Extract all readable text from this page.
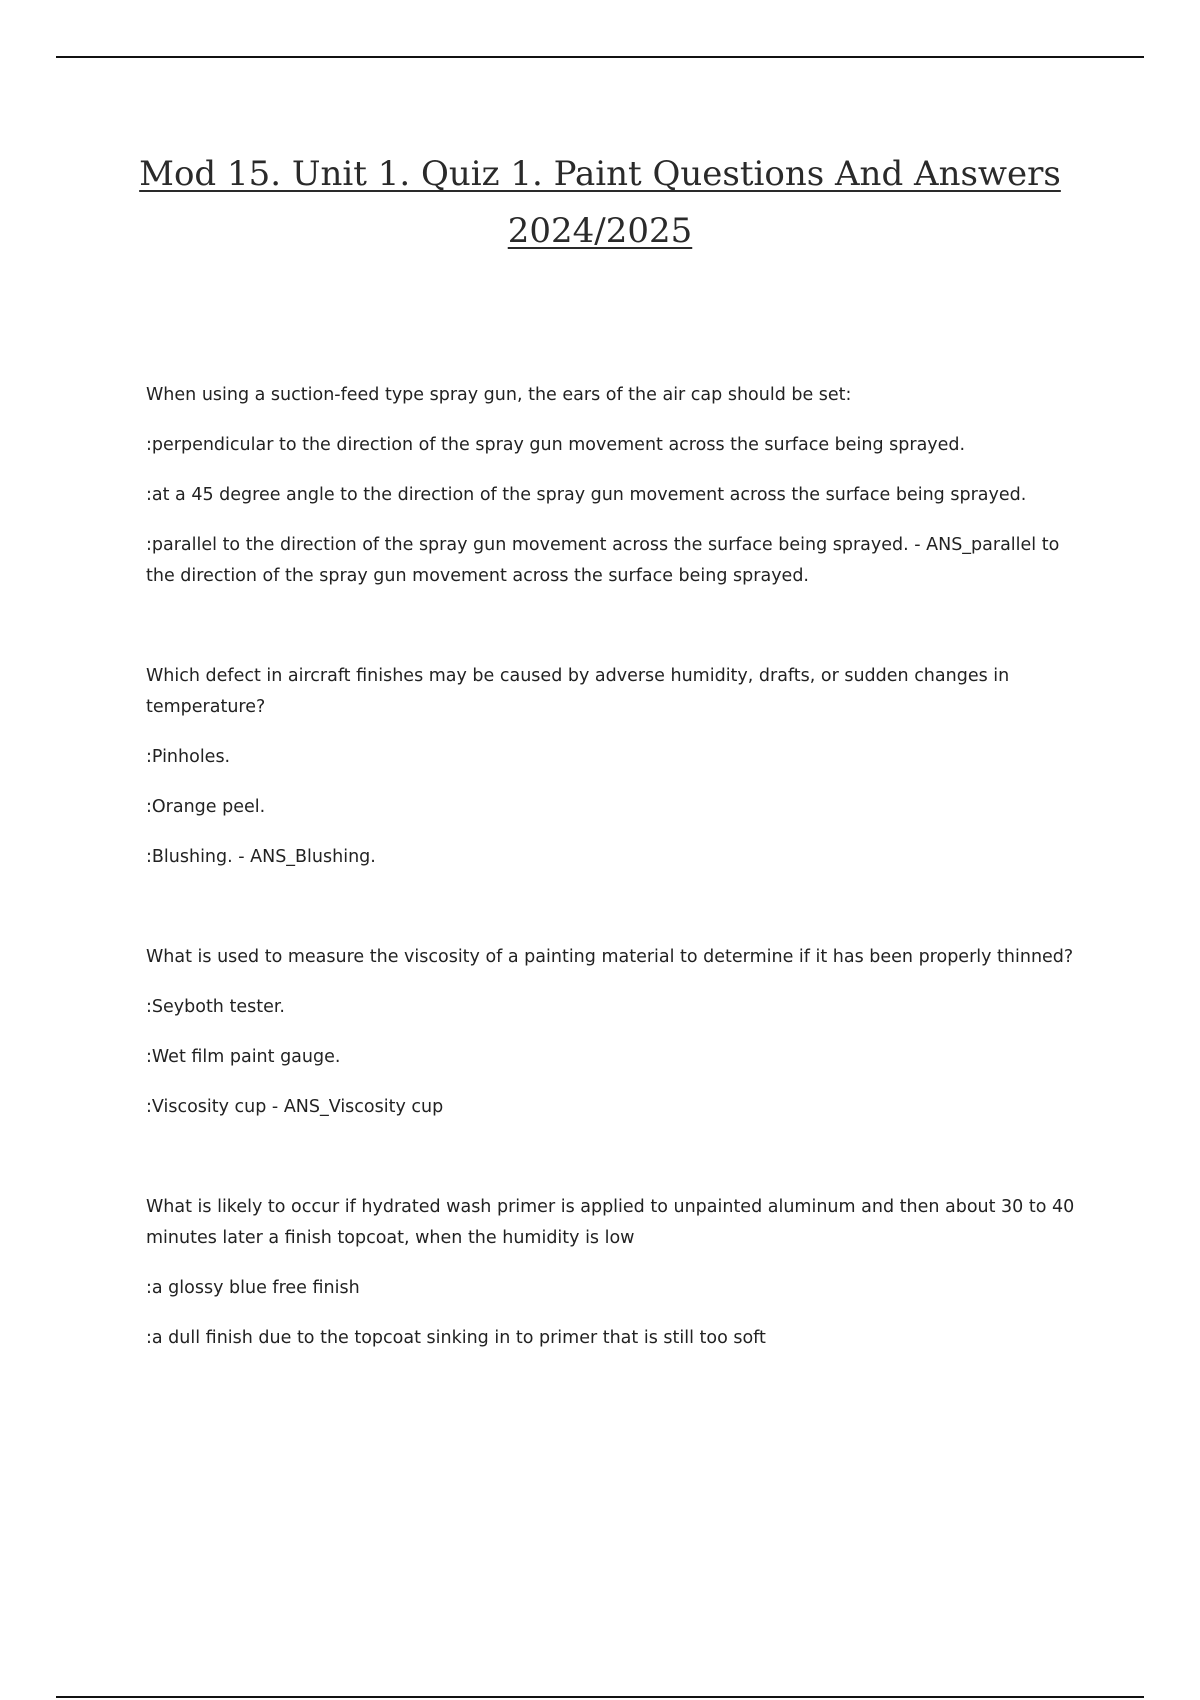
Mod 15. Unit 1. Quiz 1. Paint Questions And Answers
2024/2025

When using a suction-feed type spray gun, the ears of the air cap should be set:

:perpendicular to the direction of the spray gun movement across the surface being sprayed.

:at a 45 degree angle to the direction of the spray gun movement across the surface being sprayed.

:parallel to the direction of the spray gun movement across the surface being sprayed. - ANS_parallel to the direction of the spray gun movement across the surface being sprayed.

Which defect in aircraft finishes may be caused by adverse humidity, drafts, or sudden changes in temperature?

:Pinholes.

:Orange peel.

:Blushing. - ANS_Blushing.

What is used to measure the viscosity of a painting material to determine if it has been properly thinned?

:Seyboth tester.

:Wet film paint gauge.

:Viscosity cup - ANS_Viscosity cup

What is likely to occur if hydrated wash primer is applied to unpainted aluminum and then about 30 to 40 minutes later a finish topcoat, when the humidity is low

:a glossy blue free finish

:a dull finish due to the topcoat sinking in to primer that is still too soft
